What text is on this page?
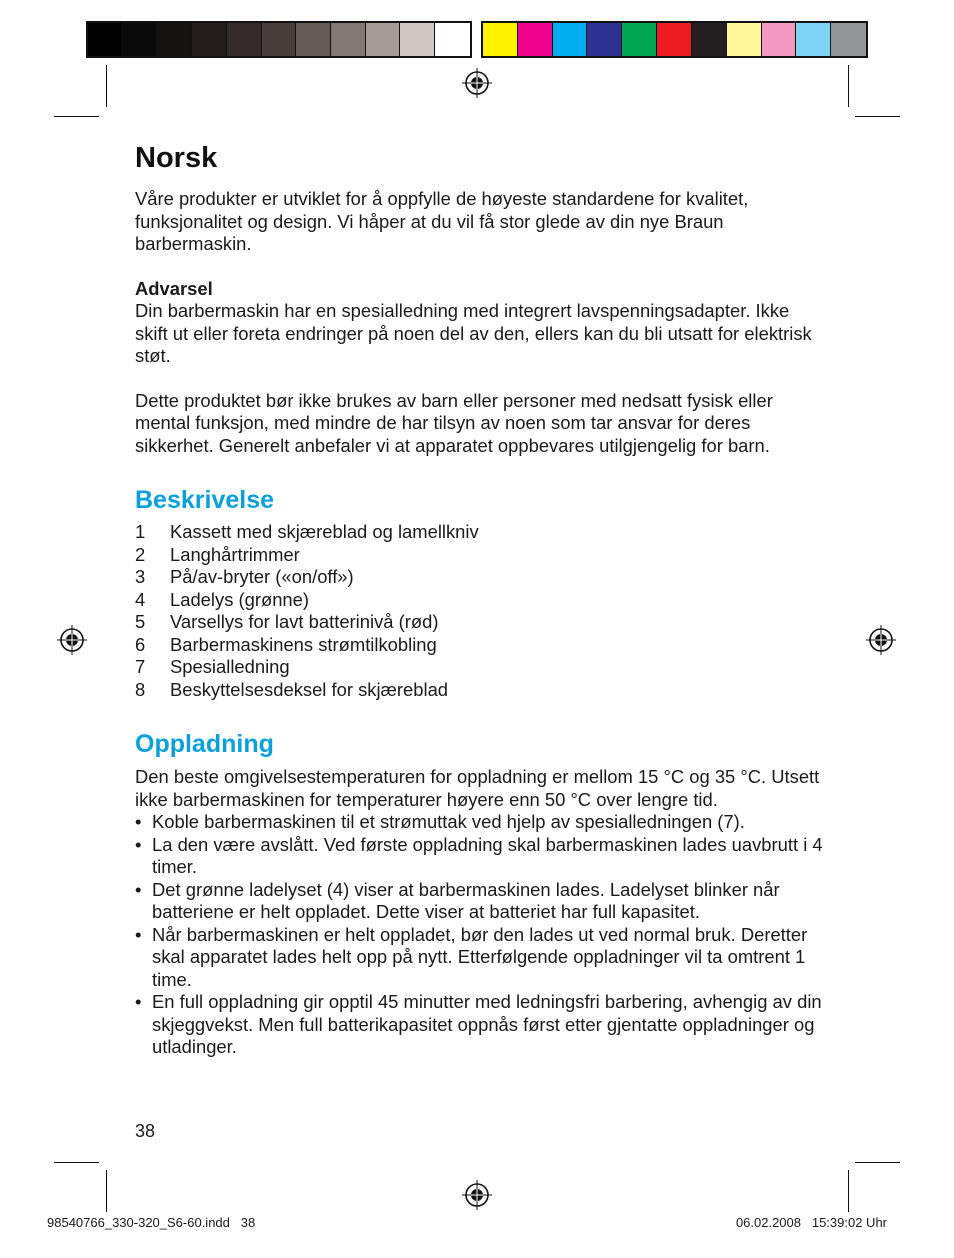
Norsk

Våre produkter er utviklet for å oppfylle de høyeste standardene for kvalitet, funksjonalitet og design. Vi håper at du vil få stor glede av din nye Braun barbermaskin.

Advarsel

Din barbermaskin har en spesialledning med integrert lavspenningsadapter. Ikke skift ut eller foreta endringer på noen del av den, ellers kan du bli utsatt for elektrisk støt.

Dette produktet bør ikke brukes av barn eller personer med nedsatt fysisk eller mental funksjon, med mindre de har tilsyn av noen som tar ansvar for deres sikkerhet. Generelt anbefaler vi at apparatet oppbevares utilgjengelig for barn.

Beskrivelse
1	Kassett med skjæreblad og lamellkniv
2	Langhårtrimmer
3	På/av-bryter («on/off»)
4	Ladelys (grønne)
5	Varsellys for lavt batterinivå (rød)
6	Barbermaskinens strømtilkobling
7	Spesialledning
8	Beskyttelsesdeksel for skjæreblad
Oppladning

Den beste omgivelsestemperaturen for oppladning er mellom 15 °C og 35 °C. Utsett ikke barbermaskinen for temperaturer høyere enn 50 °C over lengre tid.

• Koble barbermaskinen til et strømuttak ved hjelp av spesialledningen (7).
• La den være avslått. Ved første oppladning skal barbermaskinen lades uavbrutt i 4 timer.
• Det grønne ladelyset (4) viser at barbermaskinen lades. Ladelyset blinker når batteriene er helt oppladet. Dette viser at batteriet har full kapasitet.
• Når barbermaskinen er helt oppladet, bør den lades ut ved normal bruk. Deretter skal apparatet lades helt opp på nytt. Etterfølgende oppladninger vil ta omtrent 1 time.
• En full oppladning gir opptil 45 minutter med ledningsfri barbering, avhengig av din skjeggvekst. Men full batterikapasitet oppnås først etter gjentatte oppladninger og utladinger.
38
98540766_330-320_S6-60.indd   38	06.02.2008   15:39:02 Uhr
